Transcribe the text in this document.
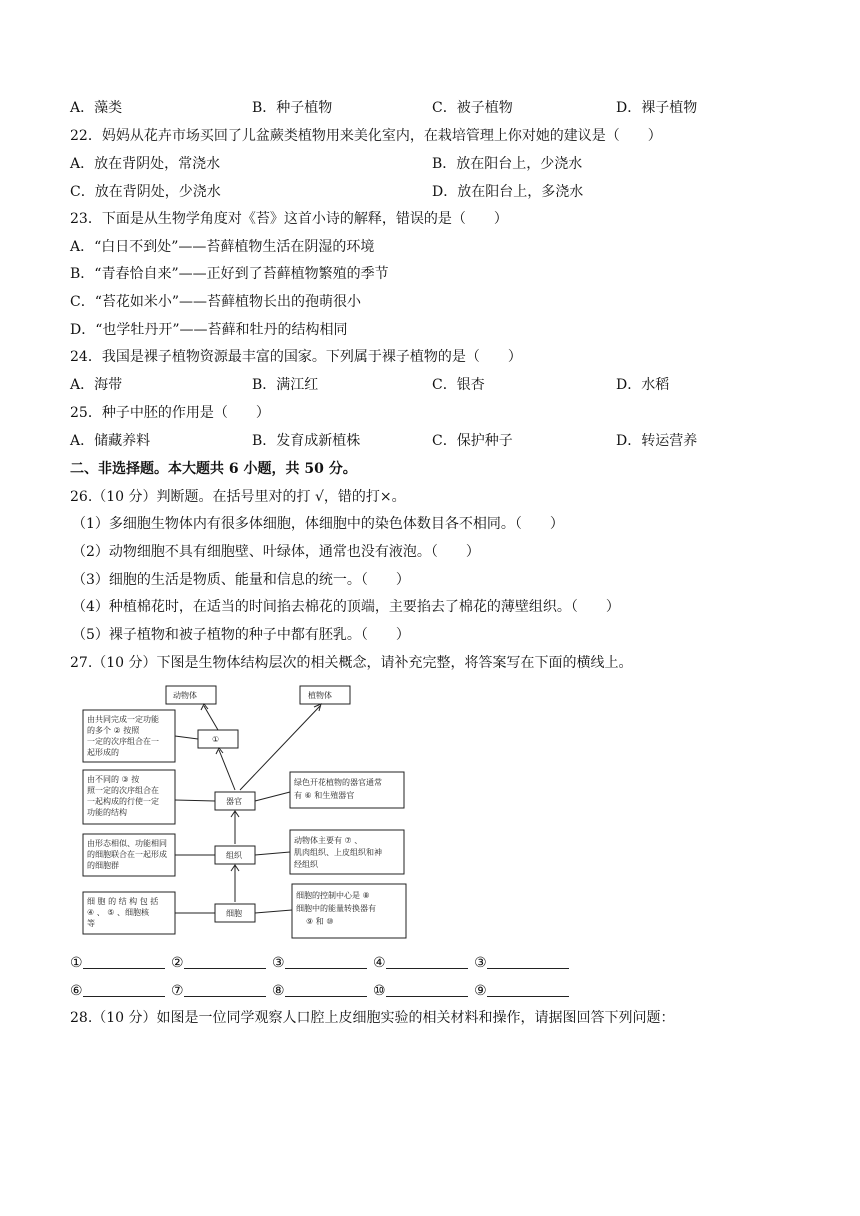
A．藻类	B．种子植物	C．被子植物	D．裸子植物
22．妈妈从花卉市场买回了儿盆蕨类植物用来美化室内，在栽培管理上你对她的建议是（　　）
A．放在背阴处，常浇水	B．放在阳台上，少浇水
C．放在背阴处，少浇水	D．放在阳台上，多浇水
23．下面是从生物学角度对《苔》这首小诗的解释，错误的是（　　）
A．“白日不到处”——苔藓植物生活在阴湿的环境
B．“青春恰自来”——正好到了苔藓植物繁殖的季节
C．“苔花如米小”——苔藓植物长出的孢萌很小
D．“也学牡丹开”——苔藓和牡丹的结构相同
24．我国是裸子植物资源最丰富的国家。下列属于裸子植物的是（　　）
A．海带	B．满江红	C．银杏	D．水稻
25．种子中胚的作用是（　　）
A．储藏养料	B．发育成新植株	C．保护种子	D．转运营养
二、非选择题。本大题共 6 小题，共 50 分。
26.（10 分）判断题。在括号里对的打 √，错的打×。
（1）多细胞生物体内有很多体细胞，体细胞中的染色体数目各不相同。（　　）
（2）动物细胞不具有细胞壁、叶绿体，通常也没有液泡。（　　）
（3）细胞的生活是物质、能量和信息的统一。（　　）
（4）种植棉花时，在适当的时间掐去棉花的顶端，主要掐去了棉花的薄壁组织。（　　）
（5）裸子植物和被子植物的种子中都有胚乳。（　　）
27.（10 分）下图是生物体结构层次的相关概念，请补充完整，将答案写在下面的横线上。
动物体	植物体
①
器官
组织
细胞
由共同完成一定功能
的多个 ② 按照
一定的次序组合在一
起形成的
由不同的 ③ 按
照一定的次序组合在
一起构成的行使一定
功能的结构
由形态相似、功能相同
的细胞联合在一起形成
的细胞群
细 胞 的 结 构 包 括
④ 、 ⑤ 、细胞核
等
绿色开花植物的器官通常
有 ⑥ 和生殖器官
动物体主要有 ⑦ 、
肌肉组织、上皮组织和神
经组织
细胞的控制中心是 ⑧
细胞中的能量转换器有
⑨ 和 ⑩
①	②	③	④	③
⑥	⑦	⑧	⑩	⑨
28.（10 分）如图是一位同学观察人口腔上皮细胞实验的相关材料和操作，请据图回答下列问题：
